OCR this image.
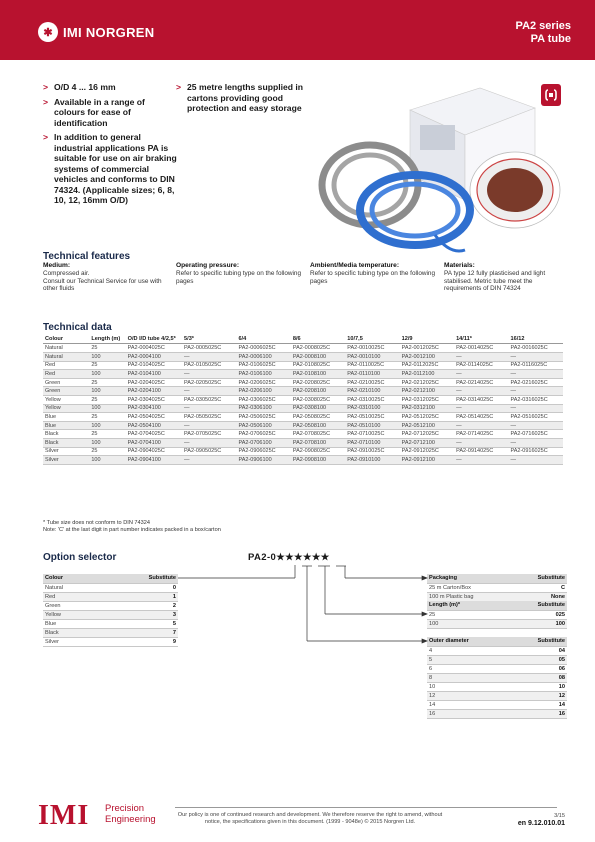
✱ IMI NORGREN	PA2 series
PA tube
> O/D 4 ... 16 mm
> Available in a range of colours for ease of identification
> In addition to general industrial applications PA is suitable for use on air braking systems of commercial vehicles and conforms to DIN 74324. (Applicable sizes; 6, 8, 10, 12, 16mm O/D)
> 25 metre lengths supplied in cartons providing good protection and easy storage
Technical features
Medium:
Compressed air.
Consult our Technical Service for use with other fluids
Operating pressure:
Refer to specific tubing type on the following pages
Ambient/Media temperature:
Refer to specific tubing type on the following pages
Materials:
PA type 12 fully plasticised and light stabilised. Metric tube meet the requirements of DIN 74324
Technical data
Colour	Length (m)	O/D I/D tube 4/2,5*	5/3*	6/4	8/6	10/7,5	12/9	14/11*	16/12
Natural	25	PA2-0004025C	PA2-0005025C	PA2-0006025C	PA2-0008025C	PA2-0010025C	PA2-0012025C	PA2-0014025C	PA2-0016025C
Natural	100	PA2-0004100	—	PA2-0006100	PA2-0008100	PA2-0010100	PA2-0012100	—	—
Red	25	PA2-0104025C	PA2-0105025C	PA2-0106025C	PA2-0108025C	PA2-0110025C	PA2-0112025C	PA2-0114025C	PA2-0116025C
Red	100	PA2-0104100	—	PA2-0106100	PA2-0108100	PA2-0110100	PA2-0112100	—	—
Green	25	PA2-0204025C	PA2-0205025C	PA2-0206025C	PA2-0208025C	PA2-0210025C	PA2-0212025C	PA2-0214025C	PA2-0216025C
Green	100	PA2-0204100	—	PA2-0206100	PA2-0208100	PA2-0210100	PA2-0212100	—	—
Yellow	25	PA2-0304025C	PA2-0305025C	PA2-0306025C	PA2-0308025C	PA2-0310025C	PA2-0312025C	PA2-0314025C	PA2-0316025C
Yellow	100	PA2-0304100	—	PA2-0306100	PA2-0308100	PA2-0310100	PA2-0312100	—	—
Blue	25	PA2-0504025C	PA2-0505025C	PA2-0506025C	PA2-0508025C	PA2-0510025C	PA2-0512025C	PA2-0514025C	PA2-0516025C
Blue	100	PA2-0504100	—	PA2-0506100	PA2-0508100	PA2-0510100	PA2-0512100	—	—
Black	25	PA2-0704025C	PA2-0705025C	PA2-0706025C	PA2-0708025C	PA2-0710025C	PA2-0712025C	PA2-0714025C	PA2-0716025C
Black	100	PA2-0704100	—	PA2-0706100	PA2-0708100	PA2-0710100	PA2-0712100	—	—
Silver	25	PA2-0904025C	PA2-0905025C	PA2-0906025C	PA2-0908025C	PA2-0910025C	PA2-0912025C	PA2-0914025C	PA2-0916025C
Silver	100	PA2-0904100	—	PA2-0906100	PA2-0908100	PA2-0910100	PA2-0912100	—	—
* Tube size does not conform to DIN 74324
Note: 'C' at the last digit in part number indicates packed in a box/carton
Option selector	PA2-0★★★★★★
Colour	Substitute
Natural	0
Red	1
Green	2
Yellow	3
Blue	5
Black	7
Silver	9
Packaging	Substitute
25 m Carton/Box	C
100 m Plastic bag	None
Length (m)*	Substitute
25	025
100	100
Outer diameter	Substitute
4	04
5	05
6	06
8	08
10	10
12	12
14	14
16	16
IMI Precision
Engineering	Our policy is one of continued research and development. We therefore reserve the right to amend, without notice, the specifications given in this document. (1999 - 9048e) © 2015 Norgren Ltd.
3/15
en 9.12.010.01
